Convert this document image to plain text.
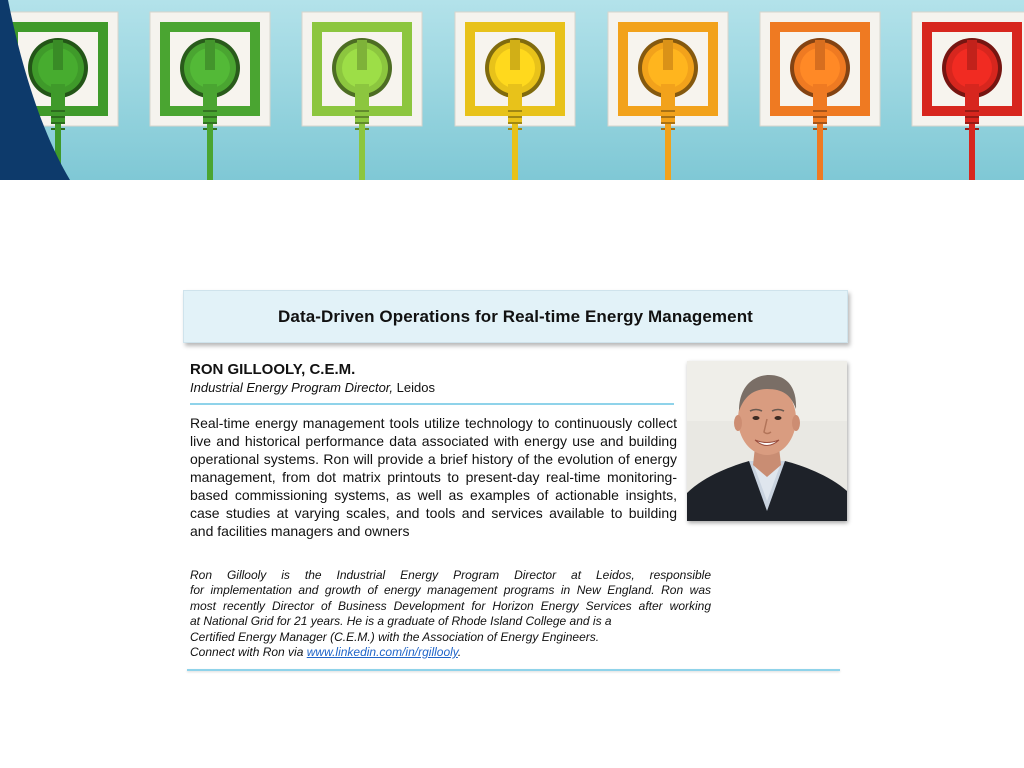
Data-Driven Operations for Real-time Energy Management
RON GILLOOLY, C.E.M.
Industrial Energy Program Director, Leidos

Real-time energy management tools utilize technology to continuously collect live and historical performance data associated with energy use and building operational systems. Ron will provide a brief history of the evolution of energy management, from dot matrix printouts to present-day real-time monitoring-based commissioning systems, as well as examples of actionable insights, case studies at varying scales, and tools and services available to building and facilities managers and owners

Ron Gillooly is the Industrial Energy Program Director at Leidos, responsible
for implementation and growth of energy management programs in New England. Ron was
most recently Director of Business Development for Horizon Energy Services after working
at National Grid for 21 years. He is a graduate of Rhode Island College and is a
Certified Energy Manager (C.E.M.) with the Association of Energy Engineers.
Connect with Ron via www.linkedin.com/in/rgillooly.
